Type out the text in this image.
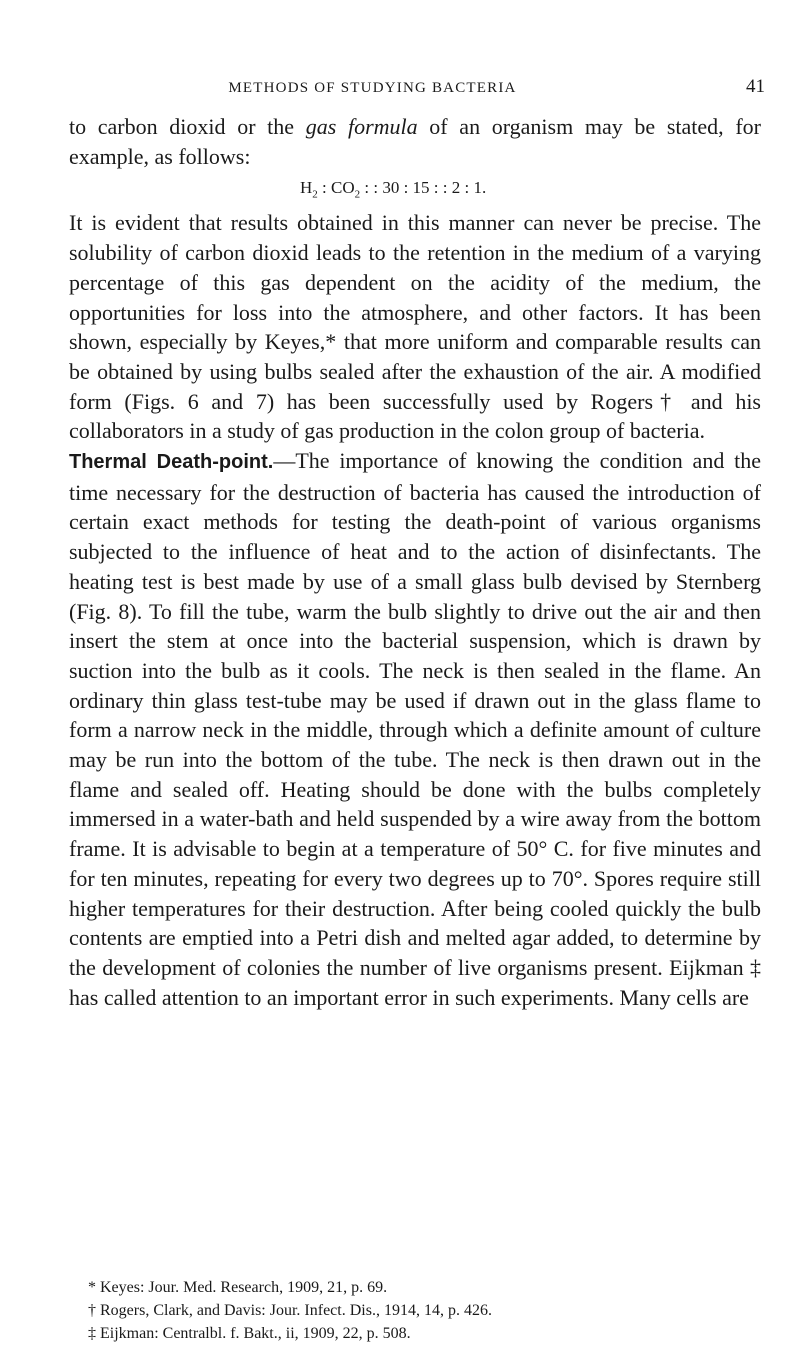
METHODS OF STUDYING BACTERIA	41

to carbon dioxid or the gas formula of an organism may be stated, for example, as follows:

$H_2$ : $CO_2$ : : 30 : 15 : : 2 : 1.

It is evident that results obtained in this manner can never be precise. The solubility of carbon dioxid leads to the retention in the medium of a varying percentage of this gas dependent on the acidity of the medium, the opportunities for loss into the atmosphere, and other factors. It has been shown, especially by Keyes,* that more uniform and comparable results can be obtained by using bulbs sealed after the exhaustion of the air. A modified form (Figs. 6 and 7) has been successfully used by Rogers† and his collaborators in a study of gas production in the colon group of bacteria.

Thermal Death-point.—The importance of knowing the condition and the time necessary for the destruction of bacteria has caused the introduction of certain exact methods for testing the death-point of various organisms subjected to the influence of heat and to the action of disinfectants. The heating test is best made by use of a small glass bulb devised by Sternberg (Fig. 8). To fill the tube, warm the bulb slightly to drive out the air and then insert the stem at once into the bacterial suspension, which is drawn by suction into the bulb as it cools. The neck is then sealed in the flame. An ordinary thin glass test-tube may be used if drawn out in the glass flame to form a narrow neck in the middle, through which a definite amount of culture may be run into the bottom of the tube. The neck is then drawn out in the flame and sealed off. Heating should be done with the bulbs completely immersed in a water-bath and held suspended by a wire away from the bottom frame. It is advisable to begin at a temperature of 50° C. for five minutes and for ten minutes, repeating for every two degrees up to 70°. Spores require still higher temperatures for their destruction. After being cooled quickly the bulb contents are emptied into a Petri dish and melted agar added, to determine by the development of colonies the number of live organisms present. Eijkman ‡ has called attention to an important error in such experiments. Many cells are

* Keyes: Jour. Med. Research, 1909, 21, p. 69.
† Rogers, Clark, and Davis: Jour. Infect. Dis., 1914, 14, p. 426.
‡ Eijkman: Centralbl. f. Bakt., ii, 1909, 22, p. 508.
